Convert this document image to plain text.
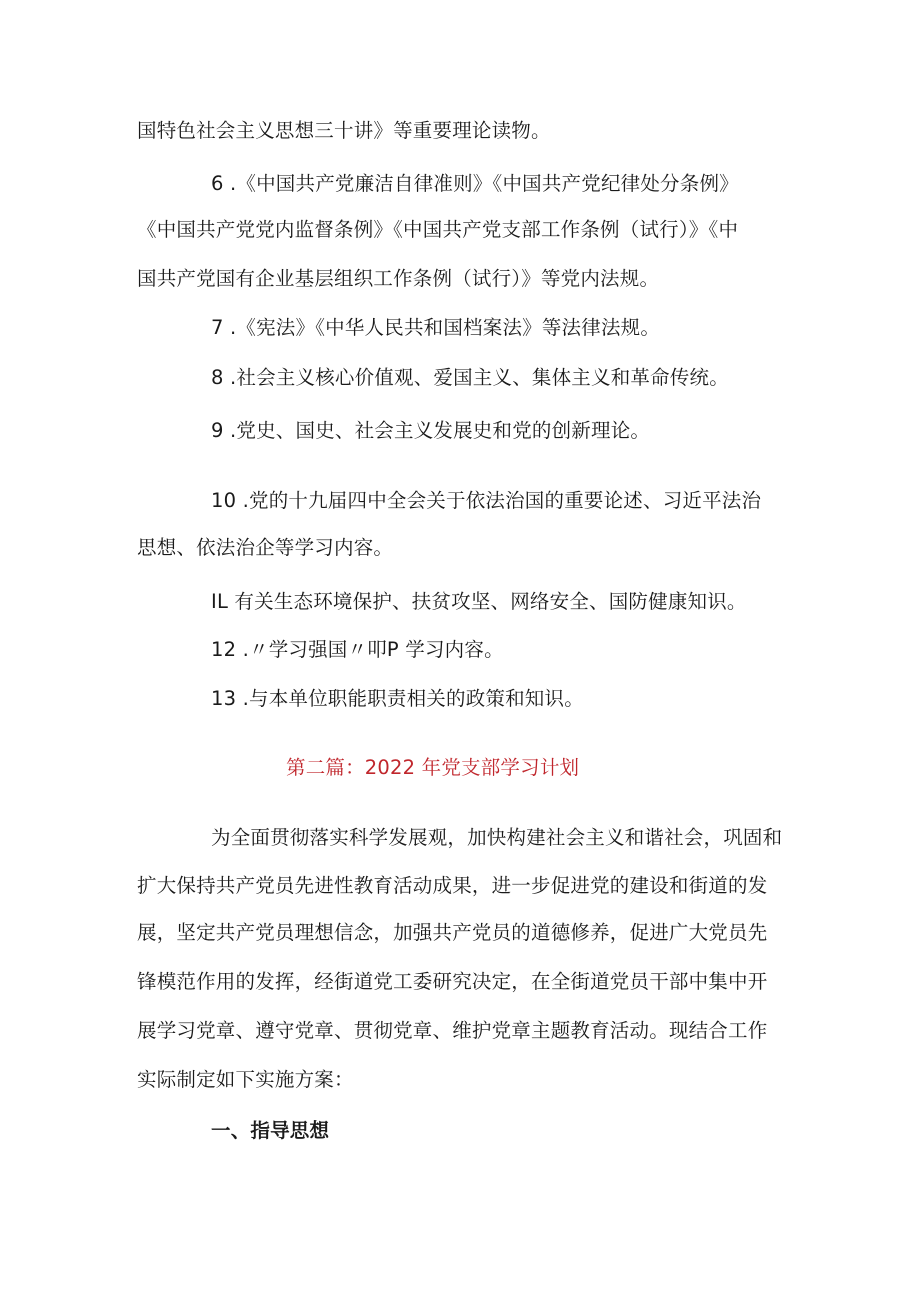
国特色社会主义思想三十讲》等重要理论读物。
6 .《中国共产党廉洁自律准则》《中国共产党纪律处分条例》
《中国共产党党内监督条例》《中国共产党支部工作条例（试行）》《中
国共产党国有企业基层组织工作条例（试行）》等党内法规。
7 .《宪法》《中华人民共和国档案法》等法律法规。
8 .社会主义核心价值观、爱国主义、集体主义和革命传统。
9 .党史、国史、社会主义发展史和党的创新理论。
10 .党的十九届四中全会关于依法治国的重要论述、习近平法治
思想、依法治企等学习内容。
IL 有关生态环境保护、扶贫攻坚、网络安全、国防健康知识。
12 .〃学习强国〃叩P 学习内容。
13 .与本单位职能职责相关的政策和知识。
第二篇：2022 年党支部学习计划
为全面贯彻落实科学发展观，加快构建社会主义和谐社会，巩固和
扩大保持共产党员先进性教育活动成果，进一步促进党的建设和街道的发
展，坚定共产党员理想信念，加强共产党员的道德修养，促进广大党员先
锋模范作用的发挥，经街道党工委研究决定，在全街道党员干部中集中开
展学习党章、遵守党章、贯彻党章、维护党章主题教育活动。现结合工作
实际制定如下实施方案：
一、指导思想
